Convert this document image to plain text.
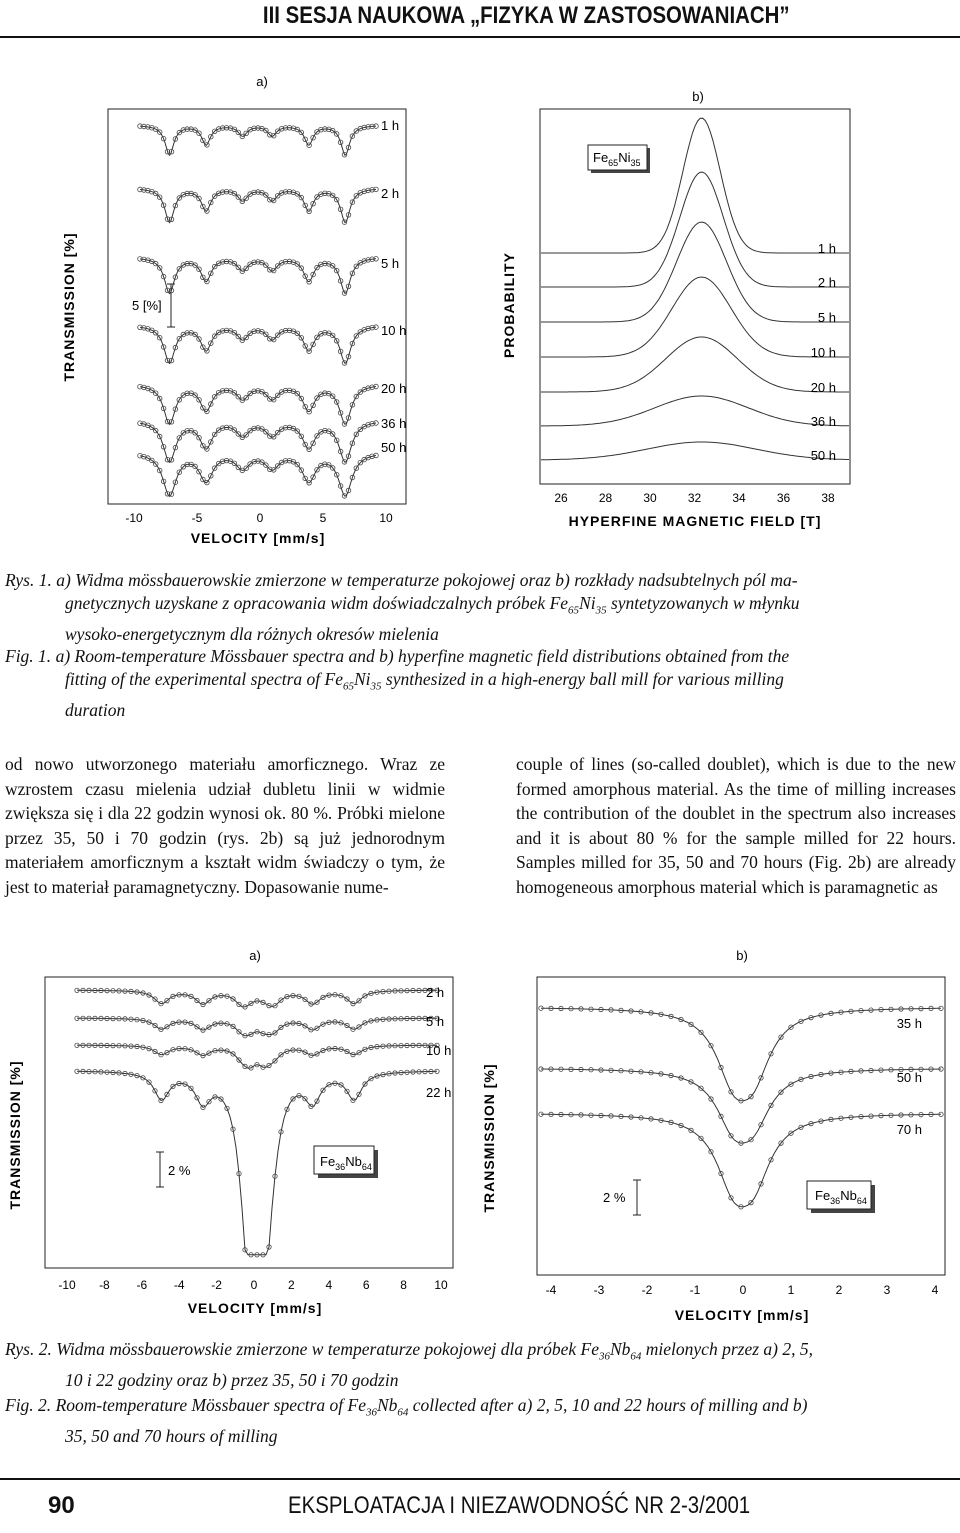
III SESJA NAUKOWA „FIZYKA W ZASTOSOWANIACH”
a)
b)
TRANSMISSION [%]	5 [%]
1 h
2 h
5 h
10 h
20 h
36 h
50 h
-10	-5	0	5	10
VELOCITY [mm/s]
PROBABILITY
$Fe_{65}Ni_{35}$
1 h
2 h
5 h
10 h
20 h
36 h
50 h
26	28	30	32	34	36	38
HYPERFINE MAGNETIC FIELD [T]
Rys. 1. a) Widma mössbauerowskie zmierzone w temperaturze pokojowej oraz b) rozkłady nadsubtelnych pól ma-
gnetycznych uzyskane z opracowania widm doświadczalnych próbek $Fe_{65}Ni_{35}$ syntetyzowanych w młynku
wysoko-energetycznym dla różnych okresów mielenia
Fig. 1. a) Room-temperature Mössbauer spectra and b) hyperfine magnetic field distributions obtained from the
fitting of the experimental spectra of $Fe_{65}Ni_{35}$ synthesized in a high-energy ball mill for various milling
duration

od nowo utworzonego materiału amorficznego. Wraz ze wzrostem czasu mielenia udział dubletu linii w widmie zwiększa się i dla 22 godzin wynosi ok. 80 %. Próbki mielone przez 35, 50 i 70 godzin (rys. 2b) są już jednorodnym materiałem amorficznym a kształt widm świadczy o tym, że jest to materiał paramagnetyczny. Dopasowanie nume-

couple of lines (so-called doublet), which is due to the new formed amorphous material. As the time of milling increases the contribution of the doublet in the spectrum also increases and it is about 80 % for the sample milled for 22 hours. Samples milled for 35, 50 and 70 hours (Fig. 2b) are already homogeneous amorphous material which is paramagnetic as

a)	b)
TRANSMISSION [%]	2 %
$Fe_{36}Nb_{64}$
2 h
5 h
10 h
22 h
-10 -8 -6 -4 -2 0	2	4	6	8 10
VELOCITY [mm/s]
TRANSMISSION [%]	2 %	$Fe_{36}Nb_{64}$
35 h
50 h
70 h
-4	-3	-2	-1	0	1	2	3	4
VELOCITY [mm/s]
Rys. 2. Widma mössbauerowskie zmierzone w temperaturze pokojowej dla próbek $Fe_{36}Nb_{64}$ mielonych przez a) 2, 5,
10 i 22 godziny oraz b) przez 35, 50 i 70 godzin
Fig. 2. Room-temperature Mössbauer spectra of $Fe_{36}Nb_{64}$ collected after a) 2, 5, 10 and 22 hours of milling and b)
35, 50 and 70 hours of milling
90	EKSPLOATACJA I NIEZAWODNOŚĆ NR 2-3/2001
